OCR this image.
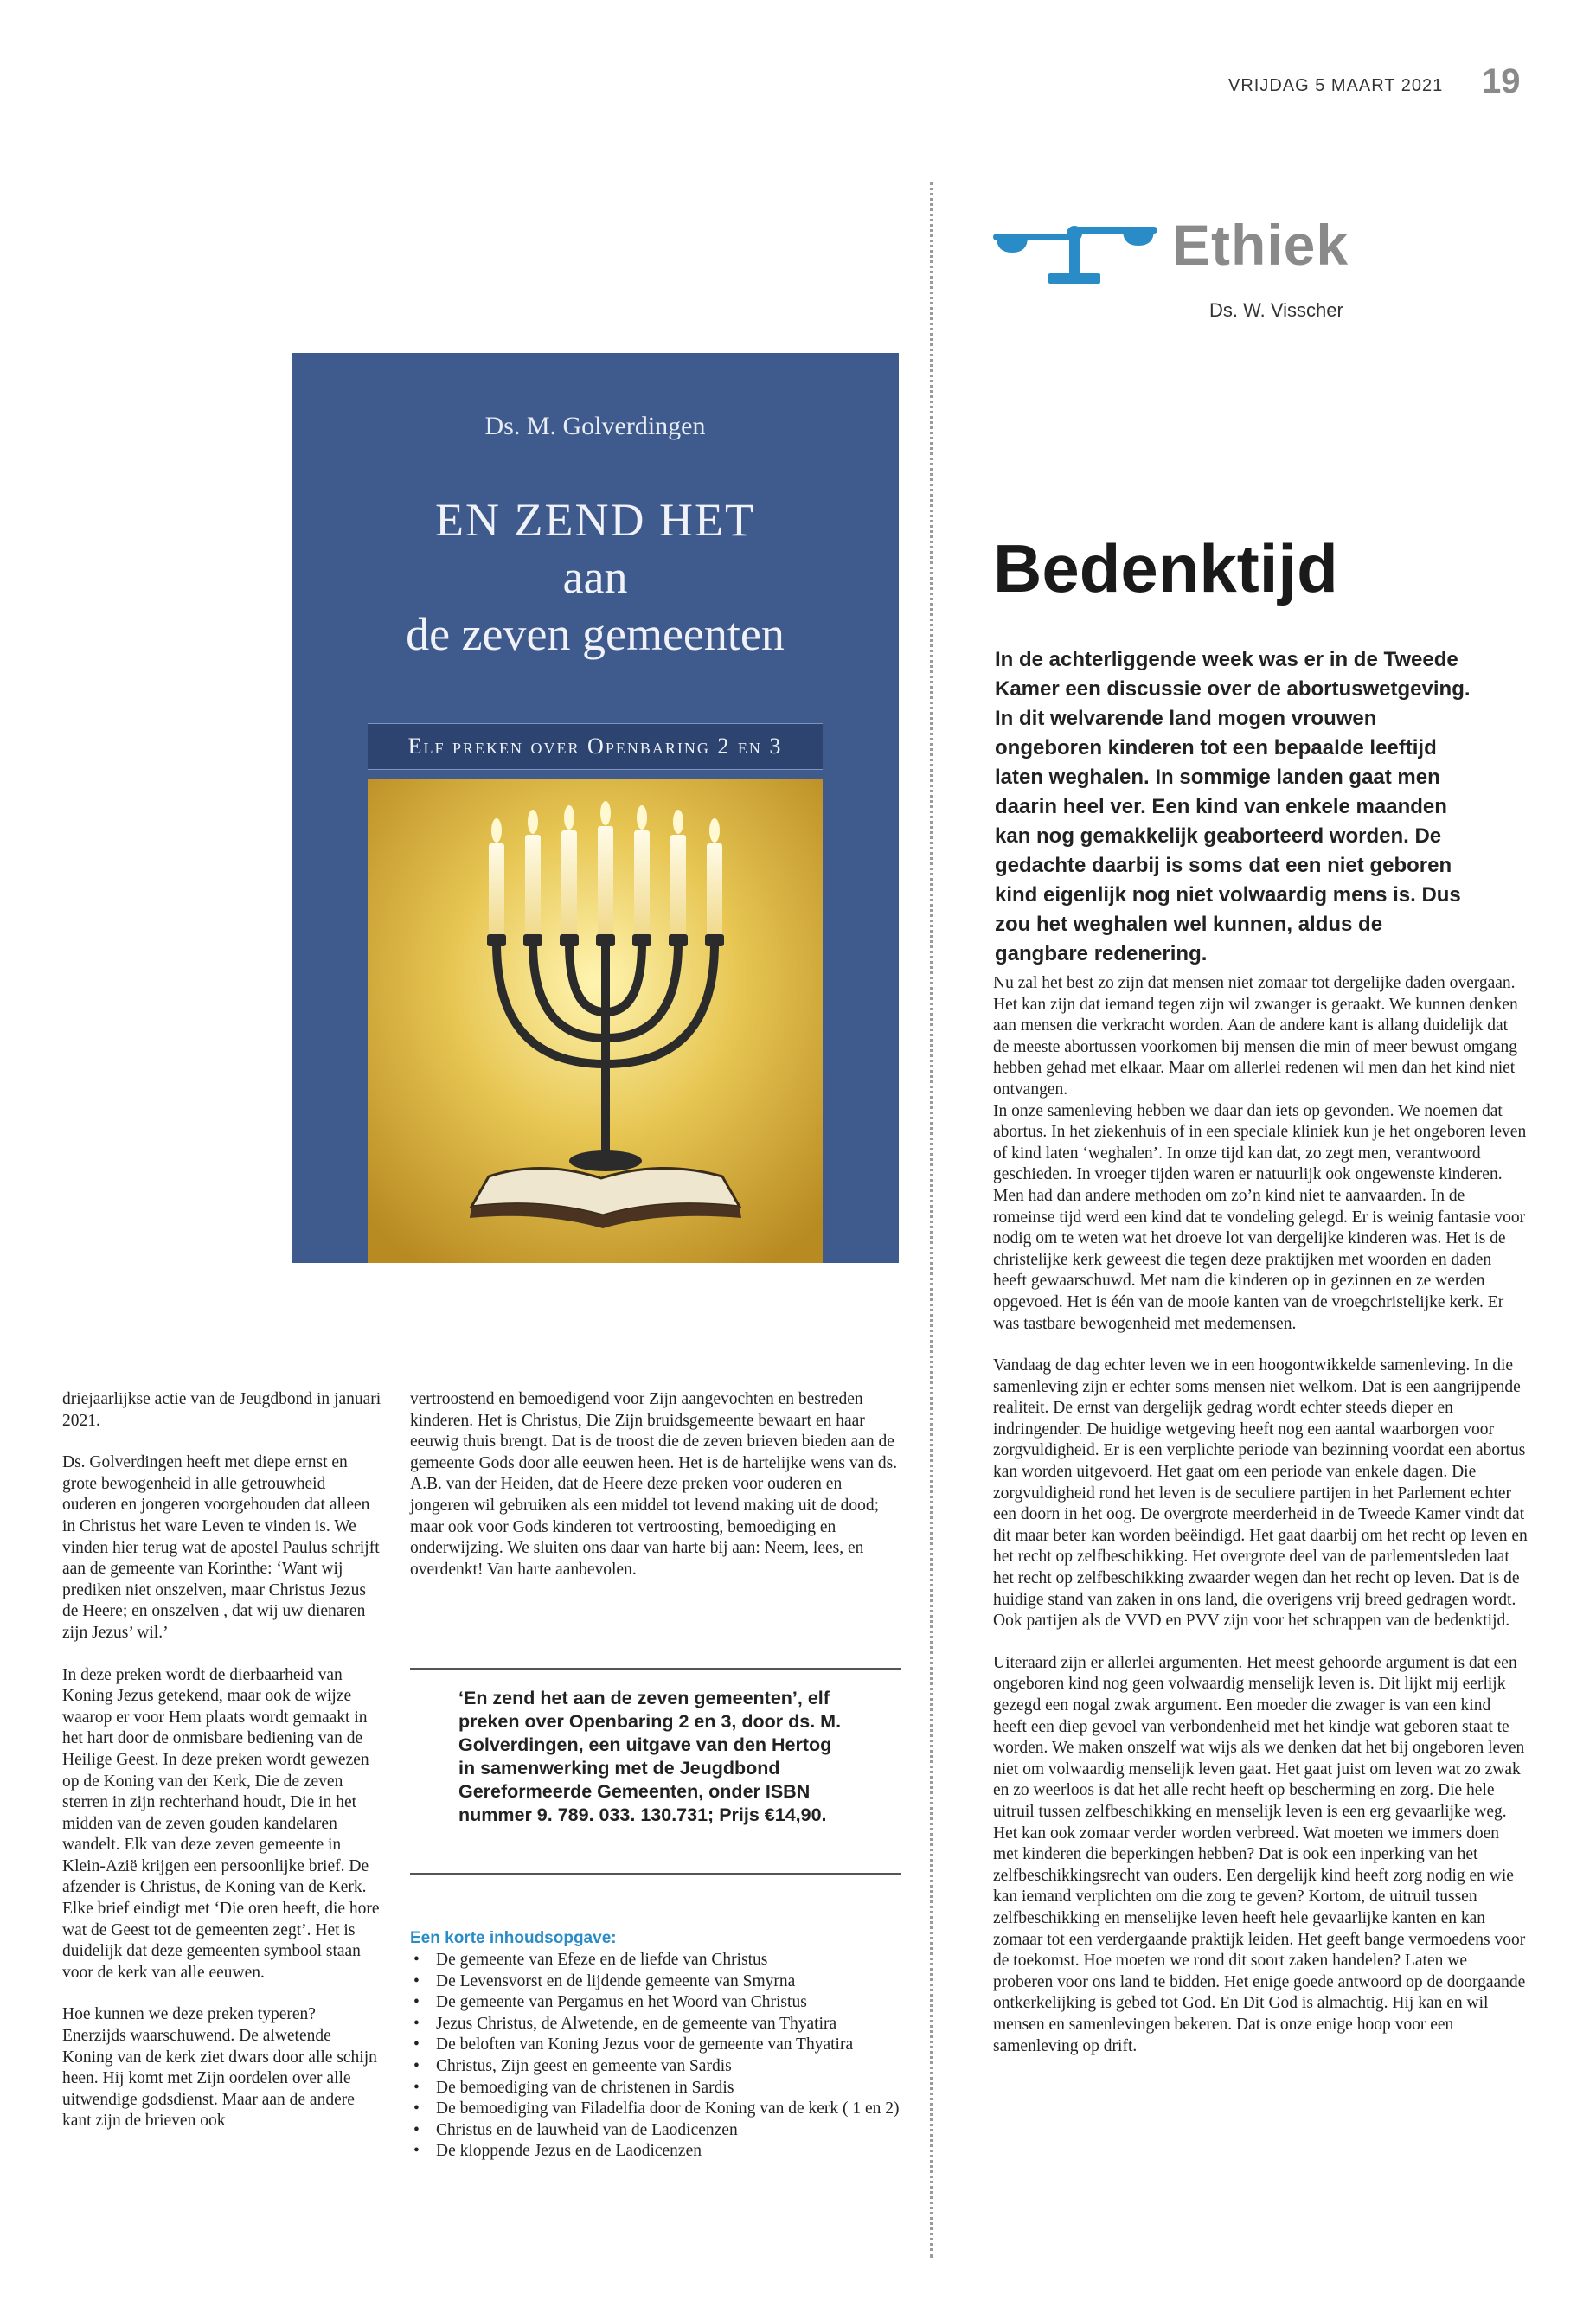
VRIJDAG 5 MAART 2021 19
Ethiek
Ds. W. Visscher
Ds. M. Golverdingen
EN ZEND HET
aan
de zeven gemeenten
Elf preken over Openbaring 2 en 3
Bedenktijd
In de achterliggende week was er in de Tweede Kamer een discussie over de abortuswetgeving. In dit welvarende land mogen vrouwen ongeboren kinderen tot een bepaalde leeftijd laten weghalen. In sommige landen gaat men daarin heel ver. Een kind van enkele maanden kan nog gemakkelijk geaborteerd worden. De gedachte daarbij is soms dat een niet geboren kind eigenlijk nog niet volwaardig mens is. Dus zou het weghalen wel kunnen, aldus de gangbare redenering.

Nu zal het best zo zijn dat mensen niet zomaar tot dergelijke daden overgaan. Het kan zijn dat iemand tegen zijn wil zwanger is geraakt. We kunnen denken aan mensen die verkracht worden. Aan de andere kant is allang duidelijk dat de meeste abortussen voorkomen bij mensen die min of meer bewust omgang hebben gehad met elkaar. Maar om allerlei redenen wil men dan het kind niet ontvangen.

In onze samenleving hebben we daar dan iets op gevonden. We noemen dat abortus. In het ziekenhuis of in een speciale kliniek kun je het ongeboren leven of kind laten ‘weghalen’. In onze tijd kan dat, zo zegt men, verantwoord geschieden. In vroeger tijden waren er natuurlijk ook ongewenste kinderen. Men had dan andere methoden om zo’n kind niet te aanvaarden. In de romeinse tijd werd een kind dat te vondeling gelegd. Er is weinig fantasie voor nodig om te weten wat het droeve lot van dergelijke kinderen was. Het is de christelijke kerk geweest die tegen deze praktijken met woorden en daden heeft gewaarschuwd. Met nam die kinderen op in gezinnen en ze werden opgevoed. Het is één van de mooie kanten van de vroegchristelijke kerk. Er was tastbare bewogenheid met medemensen.

Vandaag de dag echter leven we in een hoogontwikkelde samenleving. In die samenleving zijn er echter soms mensen niet welkom. Dat is een aangrijpende realiteit. De ernst van dergelijk gedrag wordt echter steeds dieper en indringender. De huidige wetgeving heeft nog een aantal waarborgen voor zorgvuldigheid. Er is een verplichte periode van bezinning voordat een abortus kan worden uitgevoerd. Het gaat om een periode van enkele dagen. Die zorgvuldigheid rond het leven is de seculiere partijen in het Parlement echter een doorn in het oog. De overgrote meerderheid in de Tweede Kamer vindt dat dit maar beter kan worden beëindigd. Het gaat daarbij om het recht op leven en het recht op zelfbeschikking. Het overgrote deel van de parlementsleden laat het recht op zelfbeschikking zwaarder wegen dan het recht op leven. Dat is de huidige stand van zaken in ons land, die overigens vrij breed gedragen wordt. Ook partijen als de VVD en PVV zijn voor het schrappen van de bedenktijd.

Uiteraard zijn er allerlei argumenten. Het meest gehoorde argument is dat een ongeboren kind nog geen volwaardig menselijk leven is. Dit lijkt mij eerlijk gezegd een nogal zwak argument. Een moeder die zwager is van een kind heeft een diep gevoel van verbondenheid met het kindje wat geboren staat te worden. We maken onszelf wat wijs als we denken dat het bij ongeboren leven niet om volwaardig menselijk leven gaat. Het gaat juist om leven wat zo zwak en zo weerloos is dat het alle recht heeft op bescherming en zorg. Die hele uitruil tussen zelfbeschikking en menselijk leven is een erg gevaarlijke weg. Het kan ook zomaar verder worden verbreed. Wat moeten we immers doen met kinderen die beperkingen hebben? Dat is ook een inperking van het zelfbeschikkingsrecht van ouders. Een dergelijk kind heeft zorg nodig en wie kan iemand verplichten om die zorg te geven? Kortom, de uitruil tussen zelfbeschikking en menselijke leven heeft hele gevaarlijke kanten en kan zomaar tot een verdergaande praktijk leiden. Het geeft bange vermoedens voor de toekomst. Hoe moeten we rond dit soort zaken handelen? Laten we proberen voor ons land te bidden. Het enige goede antwoord op de doorgaande ontkerkelijking is gebed tot God. En Dit God is almachtig. Hij kan en wil mensen en samenlevingen bekeren. Dat is onze enige hoop voor een samenleving op drift.

driejaarlijkse actie van de Jeugdbond in januari 2021.

Ds. Golverdingen heeft met diepe ernst en grote bewogenheid in alle getrouwheid ouderen en jongeren voorgehouden dat alleen in Christus het ware Leven te vinden is. We vinden hier terug wat de apostel Paulus schrijft aan de gemeente van Korinthe: ‘Want wij prediken niet onszelven, maar Christus Jezus de Heere; en onszelven , dat wij uw dienaren zijn Jezus’ wil.’

In deze preken wordt de dierbaarheid van Koning Jezus getekend, maar ook de wijze waarop er voor Hem plaats wordt gemaakt in het hart door de onmisbare bediening van de Heilige Geest. In deze preken wordt gewezen op de Koning van der Kerk, Die de zeven sterren in zijn rechterhand houdt, Die in het midden van de zeven gouden kandelaren wandelt. Elk van deze zeven gemeente in Klein-Azië krijgen een persoonlijke brief. De afzender is Christus, de Koning van de Kerk. Elke brief eindigt met ‘Die oren heeft, die hore wat de Geest tot de gemeenten zegt’. Het is duidelijk dat deze gemeenten symbool staan voor de kerk van alle eeuwen.

Hoe kunnen we deze preken typeren? Enerzijds waarschuwend. De alwetende Koning van de kerk ziet dwars door alle schijn heen. Hij komt met Zijn oordelen over alle uitwendige godsdienst. Maar aan de andere kant zijn de brieven ook

vertroostend en bemoedigend voor Zijn aangevochten en bestreden kinderen. Het is Christus, Die Zijn bruidsgemeente bewaart en haar eeuwig thuis brengt. Dat is de troost die de zeven brieven bieden aan de gemeente Gods door alle eeuwen heen. Het is de hartelijke wens van ds. A.B. van der Heiden, dat de Heere deze preken voor ouderen en jongeren wil gebruiken als een middel tot levend making uit de dood; maar ook voor Gods kinderen tot vertroosting, bemoediging en onderwijzing. We sluiten ons daar van harte bij aan: Neem, lees, en overdenkt! Van harte aanbevolen.

‘En zend het aan de zeven gemeenten’, elf preken over Openbaring 2 en 3, door ds. M. Golverdingen, een uitgave van den Hertog in samenwerking met de Jeugdbond Gereformeerde Gemeenten, onder ISBN nummer 9. 789. 033. 130.731; Prijs €14,90.
Een korte inhoudsopgave:
• De gemeente van Efeze en de liefde van Christus
• De Levensvorst en de lijdende gemeente van Smyrna
• De gemeente van Pergamus en het Woord van Christus
• Jezus Christus, de Alwetende, en de gemeente van Thyatira
• De beloften van Koning Jezus voor de gemeente van Thyatira
• Christus, Zijn geest en gemeente van Sardis
• De bemoediging van de christenen in Sardis
• De bemoediging van Filadelfia door de Koning van de kerk ( 1 en 2)
• Christus en de lauwheid van de Laodicenzen
• De kloppende Jezus en de Laodicenzen
